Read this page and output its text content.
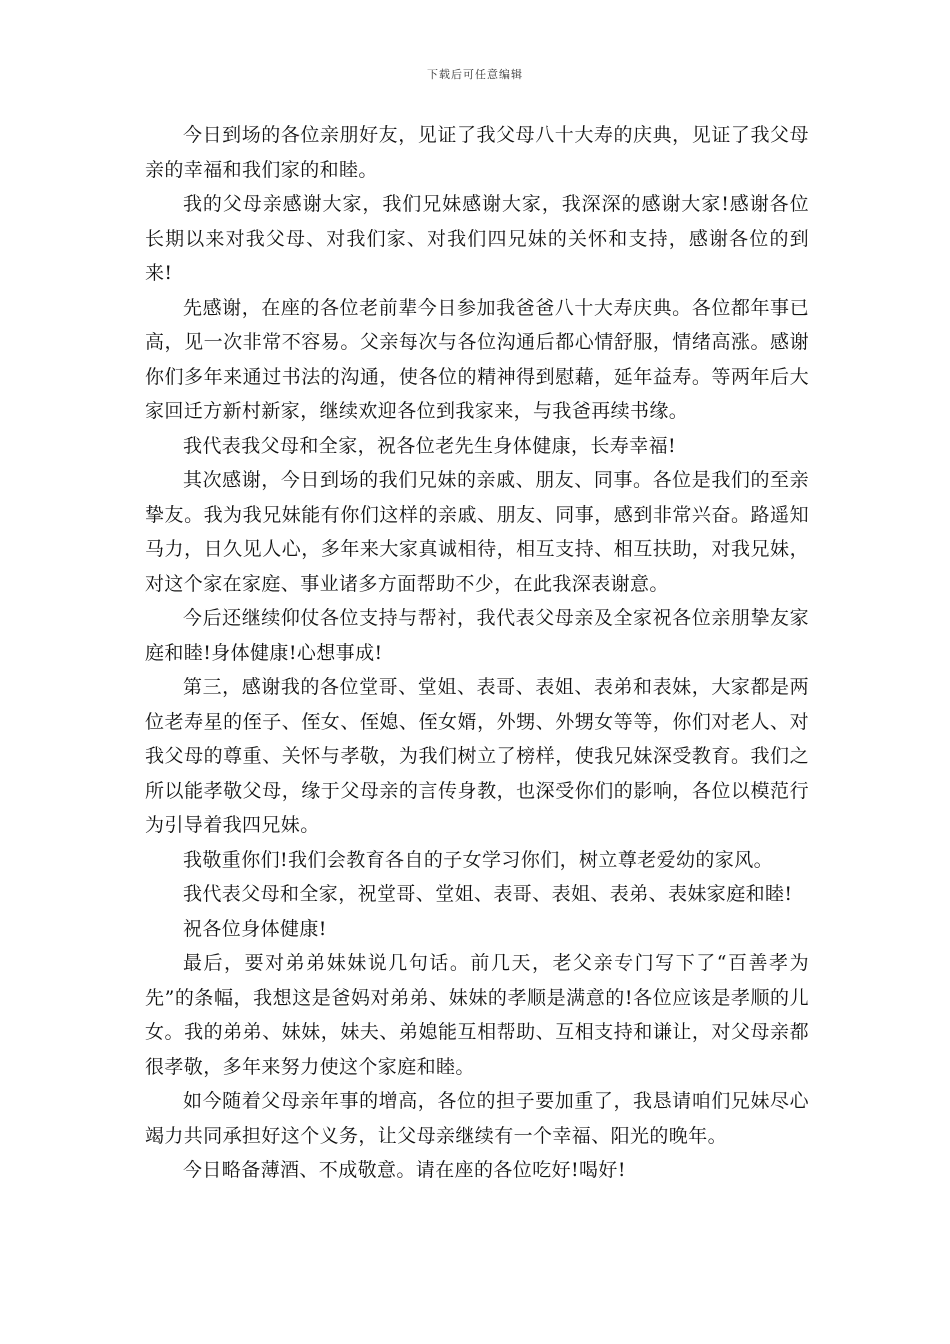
下载后可任意编辑

今日到场的各位亲朋好友，见证了我父母八十大寿的庆典，见证了我父母亲的幸福和我们家的和睦。

我的父母亲感谢大家，我们兄妹感谢大家，我深深的感谢大家!感谢各位长期以来对我父母、对我们家、对我们四兄妹的关怀和支持，感谢各位的到来!

先感谢，在座的各位老前辈今日参加我爸爸八十大寿庆典。各位都年事已高，见一次非常不容易。父亲每次与各位沟通后都心情舒服，情绪高涨。感谢你们多年来通过书法的沟通，使各位的精神得到慰藉，延年益寿。等两年后大家回迁方新村新家，继续欢迎各位到我家来，与我爸再续书缘。

我代表我父母和全家，祝各位老先生身体健康，长寿幸福!

其次感谢，今日到场的我们兄妹的亲戚、朋友、同事。各位是我们的至亲挚友。我为我兄妹能有你们这样的亲戚、朋友、同事，感到非常兴奋。路遥知马力，日久见人心，多年来大家真诚相待，相互支持、相互扶助，对我兄妹，对这个家在家庭、事业诸多方面帮助不少，在此我深表谢意。

今后还继续仰仗各位支持与帮衬，我代表父母亲及全家祝各位亲朋挚友家庭和睦!身体健康!心想事成!

第三，感谢我的各位堂哥、堂姐、表哥、表姐、表弟和表妹，大家都是两位老寿星的侄子、侄女、侄媳、侄女婿，外甥、外甥女等等，你们对老人、对我父母的尊重、关怀与孝敬，为我们树立了榜样，使我兄妹深受教育。我们之所以能孝敬父母，缘于父母亲的言传身教，也深受你们的影响，各位以模范行为引导着我四兄妹。

我敬重你们!我们会教育各自的子女学习你们，树立尊老爱幼的家风。

我代表父母和全家，祝堂哥、堂姐、表哥、表姐、表弟、表妹家庭和睦!

祝各位身体健康!

最后，要对弟弟妹妹说几句话。前几天，老父亲专门写下了“百善孝为先”的条幅，我想这是爸妈对弟弟、妹妹的孝顺是满意的!各位应该是孝顺的儿女。我的弟弟、妹妹，妹夫、弟媳能互相帮助、互相支持和谦让，对父母亲都很孝敬，多年来努力使这个家庭和睦。

如今随着父母亲年事的增高，各位的担子要加重了，我恳请咱们兄妹尽心竭力共同承担好这个义务，让父母亲继续有一个幸福、阳光的晚年。

今日略备薄酒、不成敬意。请在座的各位吃好!喝好!
